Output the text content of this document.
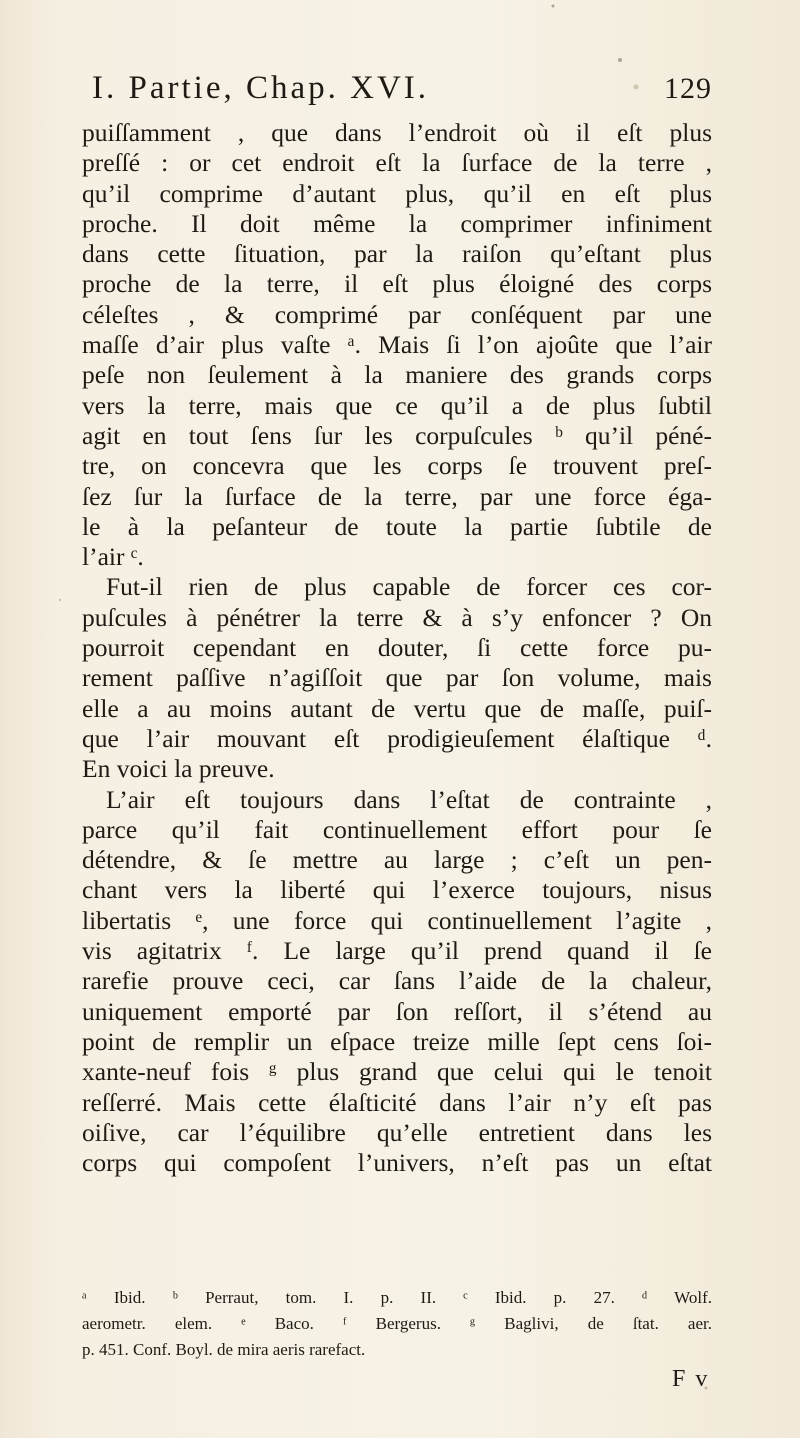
I. Partie, Chap. XVI.	129
puiſſamment , que dans l’endroit où il eſt plus
preſſé : or cet endroit eſt la ſurface de la terre ,
qu’il comprime d’autant plus, qu’il en eſt plus
proche. Il doit même la comprimer infiniment
dans cette ſituation, par la raiſon qu’eſtant plus
proche de la terre, il eſt plus éloigné des corps
céleſtes , & comprimé par conſéquent par une
maſſe d’air plus vaſte ᵃ. Mais ſi l’on ajoûte que l’air
peſe non ſeulement à la maniere des grands corps
vers la terre, mais que ce qu’il a de plus ſubtil
agit en tout ſens ſur les corpuſcules ᵇ qu’il péné-
tre, on concevra que les corps ſe trouvent preſ-
ſez ſur la ſurface de la terre, par une force éga-
le à la peſanteur de toute la partie ſubtile de
l’air ᶜ.
Fut-il rien de plus capable de forcer ces cor-
puſcules à pénétrer la terre & à s’y enfoncer ? On
pourroit cependant en douter, ſi cette force pu-
rement paſſive n’agiſſoit que par ſon volume, mais
elle a au moins autant de vertu que de maſſe, puiſ-
que l’air mouvant eſt prodigieuſement élaſtique ᵈ.
En voici la preuve.
L’air eſt toujours dans l’eſtat de contrainte ,
parce qu’il fait continuellement effort pour ſe
détendre, & ſe mettre au large ; c’eſt un pen-
chant vers la liberté qui l’exerce toujours, nisus
libertatis ᵉ, une force qui continuellement l’agite ,
vis agitatrix ᶠ. Le large qu’il prend quand il ſe
rarefie prouve ceci, car ſans l’aide de la chaleur,
uniquement emporté par ſon reſſort, il s’étend au
point de remplir un eſpace treize mille ſept cens ſoi-
xante-neuf fois ᵍ plus grand que celui qui le tenoit
reſſerré. Mais cette élaſticité dans l’air n’y eſt pas
oiſive, car l’équilibre qu’elle entretient dans les
corps qui compoſent l’univers, n’eſt pas un eſtat
ᵃ Ibid. ᵇ Perraut, tom. I. p. II. ᶜ Ibid. p. 27. ᵈ Wolf.
aerometr. elem. ᵉ Baco. ᶠ Bergerus. ᵍ Baglivi, de ſtat. aer.
p. 451. Conf. Boyl. de mira aeris rarefact.
F v
